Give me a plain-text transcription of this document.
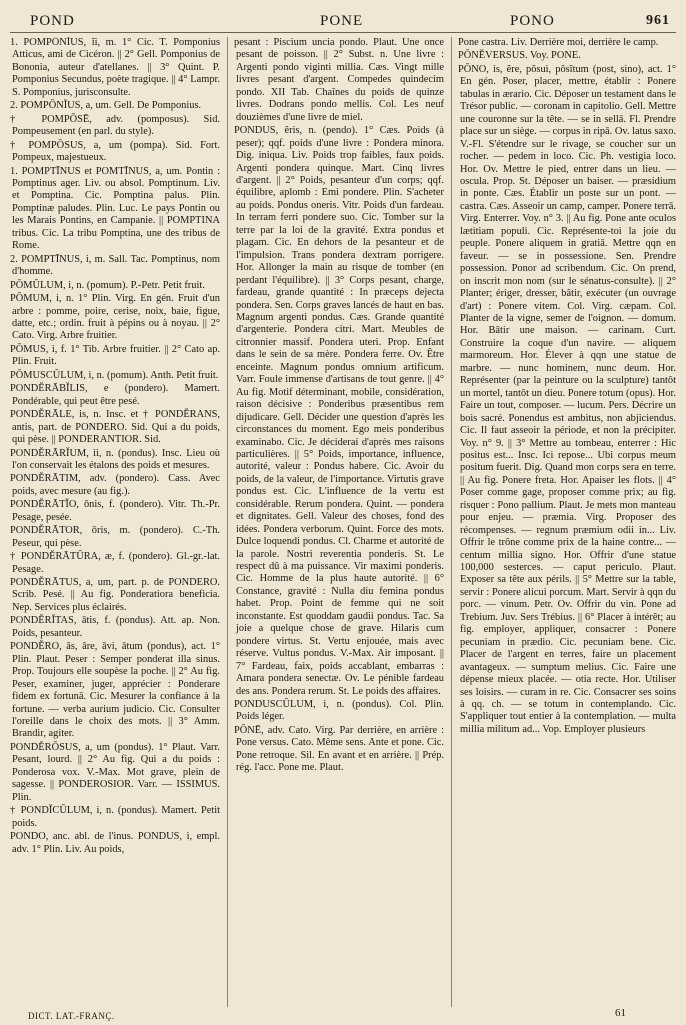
POND	PONE	PONO	961
1. POMPŌNĬUS, ĭi, m. 1° Cic. T. Pomponius Atticus, ami de Cicéron. || 2° Gell. Pomponius de Bononia, auteur d'atellanes. || 3° Quint. P. Pomponius Secundus, poète tragique. || 4° Lampr. S. Pomponius, jurisconsulte.
2. POMPŌNĬUS, a, um. Gell. De Pomponius.
† POMPŌSĒ, adv. (pomposus). Sid. Pompeusement (en parl. du style).
† POMPŌSUS, a, um (pompa). Sid. Fort. Pompeux, majestueux.
1. POMPTĪNUS et POMTĪNUS, a, um. Pontin : Pomptinus ager. Liv. ou absol. Pomptinum. Liv. et Pomptina. Cic. Pomptina palus. Plin. Pomptinæ paludes. Plin. Luc. Le pays Pontin ou les Marais Pontins, en Campanie. || POMPTINA tribus. Cic. La tribu Pomptina, une des tribus de Rome.
2. POMPTĪNUS, i, m. Sall. Tac. Pomptinus, nom d'homme.
PŌMŬLUM, i, n. (pomum). P.-Petr. Petit fruit.
PŌMUM, i, n. 1° Plin. Virg. En gén. Fruit d'un arbre : pomme, poire, cerise, noix, baie, figue, datte, etc.; ordin. fruit à pépins ou à noyau. || 2° Cato. Virg. Arbre fruitier.
PŌMUS, i, f. 1° Tib. Arbre fruitier. || 2° Cato ap. Plin. Fruit.
PŌMUSCŬLUM, i, n. (pomum). Anth. Petit fruit.
PONDĔRĀBĬLIS, e (pondero). Mamert. Pondérable, qui peut être pesé.
PONDĔRĀLE, is, n. Insc. et † PONDĔRANS, antis, part. de PONDERO. Sid. Qui a du poids, qui pèse. || PONDERANTIOR. Sid.
PONDĔRĀRĬUM, ii, n. (pondus). Insc. Lieu où l'on conservait les étalons des poids et mesures.
PONDĔRĀTIM, adv. (pondero). Cass. Avec poids, avec mesure (au fig.).
PONDĔRĀTĬO, ōnis, f. (pondero). Vitr. Th.-Pr. Pesage, pesée.
PONDĔRĀTOR, ōris, m. (pondero). C.-Th. Peseur, qui pèse.
† PONDĔRĀTŪRA, æ, f. (pondero). Gl.-gr.-lat. Pesage.
PONDĔRĀTUS, a, um, part. p. de PONDERO. Scrib. Pesé. || Au fig. Ponderatiora beneficia. Nep. Services plus éclairés.
PONDĔRĬTAS, ātis, f. (pondus). Att. ap. Non. Poids, pesanteur.
PONDĔRO, ās, āre, āvi, ātum (pondus), act. 1° Plin. Plaut. Peser : Semper ponderat illa sinus. Prop. Toujours elle soupèse la poche. || 2° Au fig. Peser, examiner, juger, apprécier : Ponderare fidem ex fortunā. Cic. Mesurer la confiance à la fortune. — verba aurium judicio. Cic. Consulter l'oreille dans le choix des mots. || 3° Amm. Brandir, agiter.
PONDĔRŌSUS, a, um (pondus). 1° Plaut. Varr. Pesant, lourd. || 2° Au fig. Qui a du poids : Ponderosa vox. V.-Max. Mot grave, plein de sagesse. || PONDEROSIOR. Varr. — ISSIMUS. Plin.
† PONDĬCŬLUM, i, n. (pondus). Mamert. Petit poids.
PONDO, anc. abl. de l'inus. PONDUS, i, empl. adv. 1° Plin. Liv. Au poids,
pesant : Piscium uncia pondo. Plaut. Une once pesant de poisson. || 2° Subst. n. Une livre : Argenti pondo viginti millia. Cæs. Vingt mille livres pesant d'argent. Compedes quindecim pondo. XII Tab. Chaînes du poids de quinze livres. Dodrans pondo mellis. Col. Les neuf douzièmes d'une livre de miel.
PONDUS, ĕris, n. (pendo). 1° Cæs. Poids (à peser); qqf. poids d'une livre : Pondera minora. Dig. iniqua. Liv. Poids trop faibles, faux poids. Argenti pondera quinque. Mart. Cinq livres d'argent. || 2° Poids, pesanteur d'un corps; qqf. équilibre, aplomb : Emi pondere. Plin. S'acheter au poids. Pondus oneris. Vitr. Poids d'un fardeau. In terram ferri pondere suo. Cic. Tomber sur la terre par la loi de la gravité. Extra pondus et plagam. Cic. En dehors de la pesanteur et de l'impulsion. Trans pondera dextram porrigere. Hor. Allonger la main au risque de tomber (en perdant l'équilibre). || 3° Corps pesant, charge, fardeau, grande quantité : In præceps dejecta pondera. Sen. Corps graves lancés de haut en bas. Magnum argenti pondus. Cæs. Grande quantité d'argenterie. Pondera citri. Mart. Meubles de citronnier massif. Pondera uteri. Prop. Enfant dans le sein de sa mère. Pondera ferre. Ov. Être enceinte. Magnum pondus omnium artificum. Varr. Foule immense d'artisans de tout genre. || 4° Au fig. Motif déterminant, mobile, considération, raison décisive : Ponderibus præsentibus rem dijudicare. Gell. Décider une question d'après les circonstances du moment. Ego meis ponderibus examinabo. Cic. Je déciderai d'après mes raisons particulières. || 5° Poids, importance, influence, autorité, valeur : Pondus habere. Cic. Avoir du poids, de la valeur, de l'importance. Virtutis grave pondus est. Cic. L'influence de la vertu est considérable. Rerum pondera. Quint. — pondera et dignitates. Gell. Valeur des choses, fond des idées. Pondera verborum. Quint. Force des mots. Dulce loquendi pondus. Cl. Charme et autorité de la parole. Nostri reverentia ponderis. St. Le respect dû à ma puissance. Vir maximi ponderis. Cic. Homme de la plus haute autorité. || 6° Constance, gravité : Nulla diu femina pondus habet. Prop. Point de femme qui ne soit inconstante. Est quoddam gaudii pondus. Tac. Sa joie a quelque chose de grave. Hilaris cum pondere virtus. St. Vertu enjouée, mais avec réserve. Vultus pondus. V.-Max. Air imposant. || 7° Fardeau, faix, poids accablant, embarras : Amara pondera senectæ. Ov. Le pénible fardeau des ans. Pondera rerum. St. Le poids des affaires.
PONDUSCŬLUM, i, n. (pondus). Col. Plin. Poids léger.
PŌNĒ, adv. Cato. Virg. Par derrière, en arrière : Pone versus. Cato. Même sens. Ante et pone. Cic. Pone retroque. Sil. En avant et en arrière. || Prép. rég. l'acc. Pone me. Plaut.
Pone castra. Liv. Derrière moi, derrière le camp.
PŌNĔVERSUS. Voy. PONE.
PŌNO, is, ĕre, pŏsui, pŏsĭtum (post, sino), act. 1° En gén. Poser, placer, mettre, établir : Ponere tabulas in ærario. Cic. Déposer un testament dans le Trésor public. — coronam in capitolio. Gell. Mettre une couronne sur la tête. — se in sellā. Fl. Prendre place sur un siège. — corpus in ripā. Ov. latus saxo. V.-Fl. S'étendre sur le rivage, se coucher sur un rocher. — pedem in loco. Cic. Ph. vestigia loco. Hor. Ov. Mettre le pied, entrer dans un lieu. — oscula. Prop. St. Déposer un baiser. — præsidium in ponte. Cæs. Établir un poste sur un pont. — castra. Cæs. Asseoir un camp, camper. Ponere terrā. Virg. Enterrer. Voy. n° 3. || Au fig. Pone ante oculos lætitiam populi. Cic. Représente-toi la joie du peuple. Ponere aliquem in gratiā. Mettre qqn en faveur. — se in possessione. Sen. Prendre possession. Ponor ad scribendum. Cic. On prend, on inscrit mon nom (sur le sénatus-consulte). || 2° Planter; ériger, dresser, bâtir, exécuter (un ouvrage d'art) : Ponere vitem. Col. Virg. cæpam. Col. Planter de la vigne, semer de l'oignon. — domum. Hor. Bâtir une maison. — carinam. Curt. Construire la coque d'un navire. — aliquem marmoreum. Hor. Élever à qqn une statue de marbre. — nunc hominem, nunc deum. Hor. Représenter (par la peinture ou la sculpture) tantôt un mortel, tantôt un dieu. Ponere totum (opus). Hor. Faire un tout, composer. — lucum. Pers. Décrire un bois sacré. Ponendus est ambitus, non abjiciendus. Cic. Il faut asseoir la période, et non la précipiter. Voy. n° 9. || 3° Mettre au tombeau, enterrer : Hic positus est... Insc. Ici repose... Ubi corpus meum positum fuerit. Dig. Quand mon corps sera en terre. || Au fig. Ponere freta. Hor. Apaiser les flots. || 4° Poser comme gage, proposer comme prix; au fig. risquer : Pono pallium. Plaut. Je mets mon manteau pour enjeu. — præmia. Virg. Proposer des récompenses. — regnum præmium odii in... Liv. Offrir le trône comme prix de la haine contre... — centum millia signo. Hor. Offrir d'une statue 100,000 sesterces. — caput periculo. Plaut. Exposer sa tête aux périls. || 5° Mettre sur la table, servir : Ponere alicui porcum. Mart. Servir à qqn du porc. — vinum. Petr. Ov. Offrir du vin. Pone ad Trebium. Juv. Sers Trébius. || 6° Placer à intérêt; au fig. employer, appliquer, consacrer : Ponere pecuniam in prædio. Cic. pecuniam bene. Cic. Placer de l'argent en terres, faire un placement avantageux. — sumptum melius. Cic. Faire une dépense mieux placée. — otia recte. Hor. Utiliser ses loisirs. — curam in re. Cic. Consacrer ses soins à qq. ch. — se totum in contemplando. Cic. S'appliquer tout entier à la contemplation. — multa millia militum ad... Vop. Employer plusieurs
DICT. LAT.-FRANÇ.	61
